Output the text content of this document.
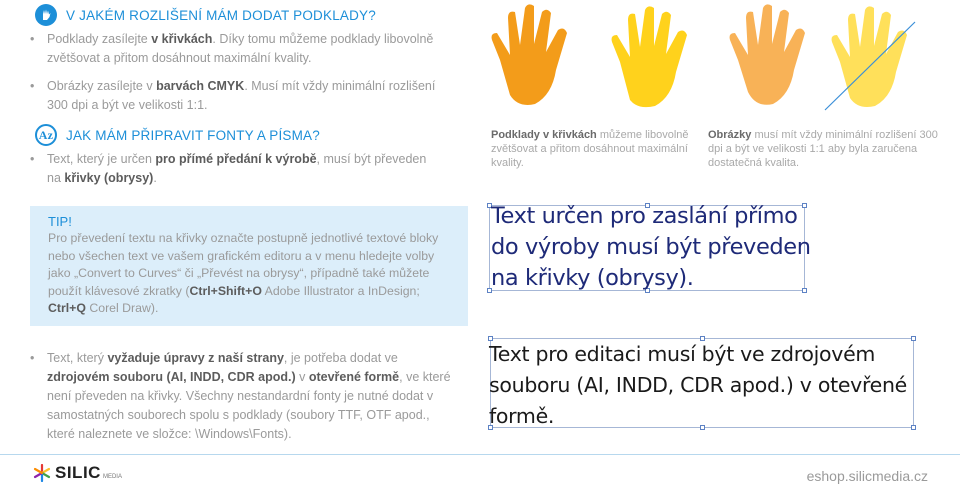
V JAKÉM ROZLIŠENÍ MÁM DODAT PODKLADY?
• Podklady zasílejte v křivkách. Díky tomu můžeme podklady libovolně zvětšovat a přitom dosáhnout maximální kvality.
• Obrázky zasílejte v barvách CMYK. Musí mít vždy minimální rozlišení 300 dpi a být ve velikosti 1:1.
Az JAK MÁM PŘIPRAVIT FONTY A PÍSMA?
• Text, který je určen pro přímé předání k výrobě, musí být převeden na křivky (obrysy).
TIP!
Pro převedení textu na křivky označte postupně jednotlivé textové bloky nebo všechen text ve vašem grafickém editoru a v menu hledejte volby jako „Convert to Curves“ či „Převést na obrysy“, případně také můžete použít klávesové zkratky (Ctrl+Shift+O Adobe Illustrator a InDesign; Ctrl+Q Corel Draw).
• Text, který vyžaduje úpravy z naší strany, je potřeba dodat ve zdrojovém souboru (AI, INDD, CDR apod.) v otevřené formě, ve které není převeden na křivky. Všechny nestandardní fonty je nutné dodat v samostatných souborech spolu s podklady (soubory TTF, OTF apod., které naleznete ve složce: \Windows\Fonts).
Podklady v křivkách můžeme libovolně zvětšovat a přitom dosáhnout maximální kvality.
Obrázky musí mít vždy minimální rozlišení 300 dpi a být ve velikosti 1:1 aby byla zaručena dostatečná kvalita.
Text určen pro zaslání přímo do výroby musí být převeden na křivky (obrysy).
Text pro editaci musí být ve zdrojovém souboru (AI, INDD, CDR apod.) v otevřené formě.
SILIC MEDIA	eshop.silicmedia.cz
